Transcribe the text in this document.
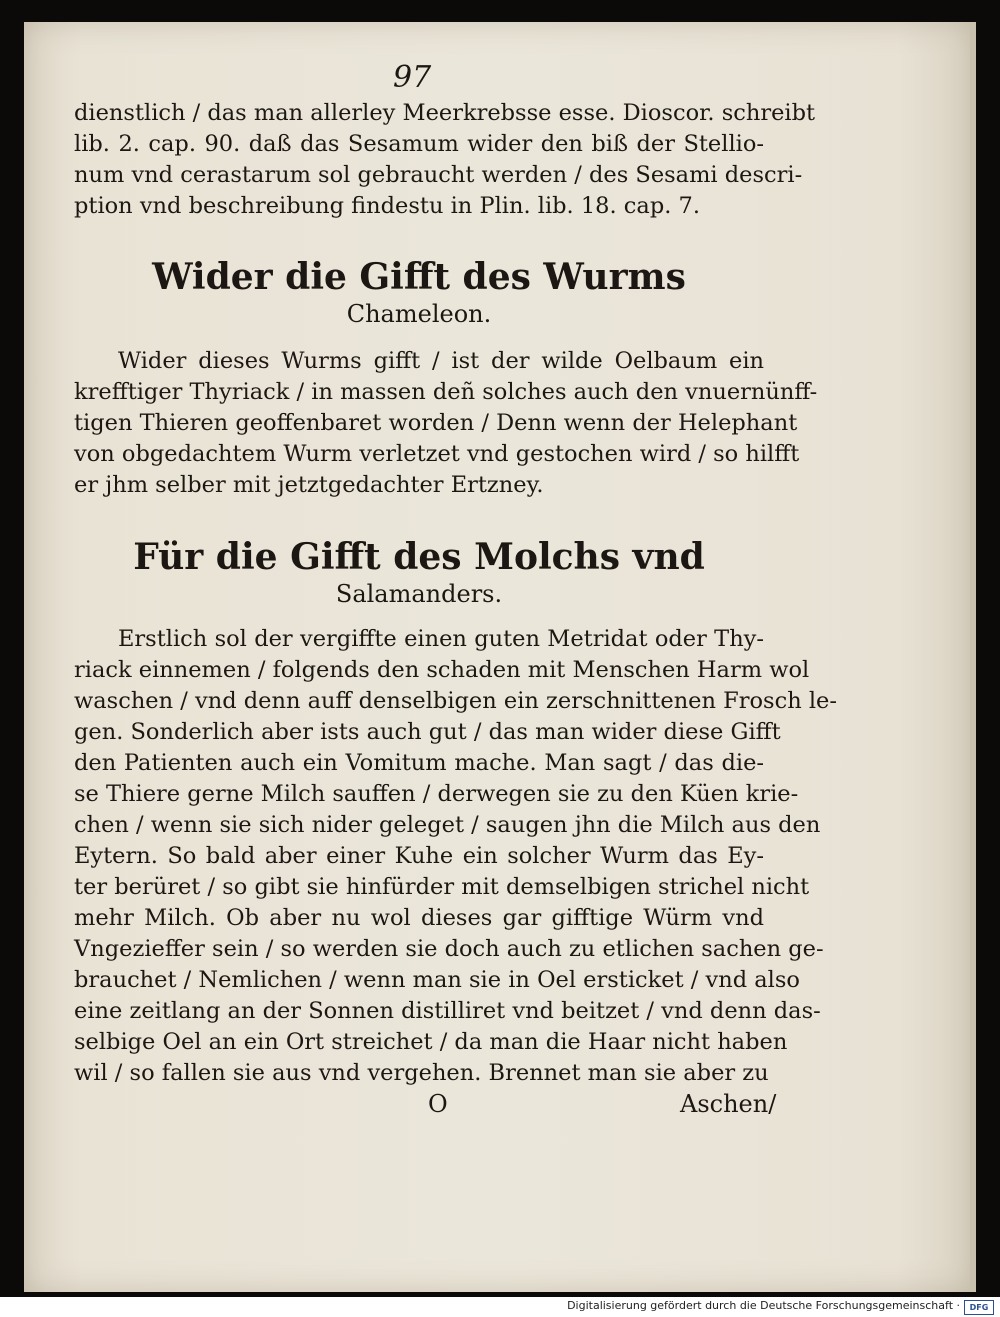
97
dienstlich / das man allerley Meerkrebsse esse. Dioscor. schreibt
lib. 2. cap. 90. daß das Sesamum wider den biß der Stellio-
num vnd cerastarum sol gebraucht werden / des Sesami descri-
ption vnd beschreibung findestu in Plin. lib. 18. cap. 7.
Wider die Gifft des Wurms
Chameleon.
Wider dieses Wurms gifft / ist der wilde Oelbaum ein
krefftiger Thyriack / in massen deñ solches auch den vnuernünff-
tigen Thieren geoffenbaret worden / Denn wenn der Helephant
von obgedachtem Wurm verletzet vnd gestochen wird / so hilfft
er jhm selber mit jetztgedachter Ertzney.
Für die Gifft des Molchs vnd
Salamanders.
Erstlich sol der vergiffte einen guten Metridat oder Thy-
riack einnemen / folgends den schaden mit Menschen Harm wol
waschen / vnd denn auff denselbigen ein zerschnittenen Frosch le-
gen. Sonderlich aber ists auch gut / das man wider diese Gifft
den Patienten auch ein Vomitum mache. Man sagt / das die-
se Thiere gerne Milch sauffen / derwegen sie zu den Küen krie-
chen / wenn sie sich nider geleget / saugen jhn die Milch aus den
Eytern. So bald aber einer Kuhe ein solcher Wurm das Ey-
ter berüret / so gibt sie hinfürder mit demselbigen strichel nicht
mehr Milch. Ob aber nu wol dieses gar gifftige Würm vnd
Vngezieffer sein / so werden sie doch auch zu etlichen sachen ge-
brauchet / Nemlichen / wenn man sie in Oel ersticket / vnd also
eine zeitlang an der Sonnen distilliret vnd beitzet / vnd denn das-
selbige Oel an ein Ort streichet / da man die Haar nicht haben
wil / so fallen sie aus vnd vergehen. Brennet man sie aber zu
O	Aschen/
Digitalisierung gefördert durch die Deutsche Forschungsgemeinschaft ·	DFG
